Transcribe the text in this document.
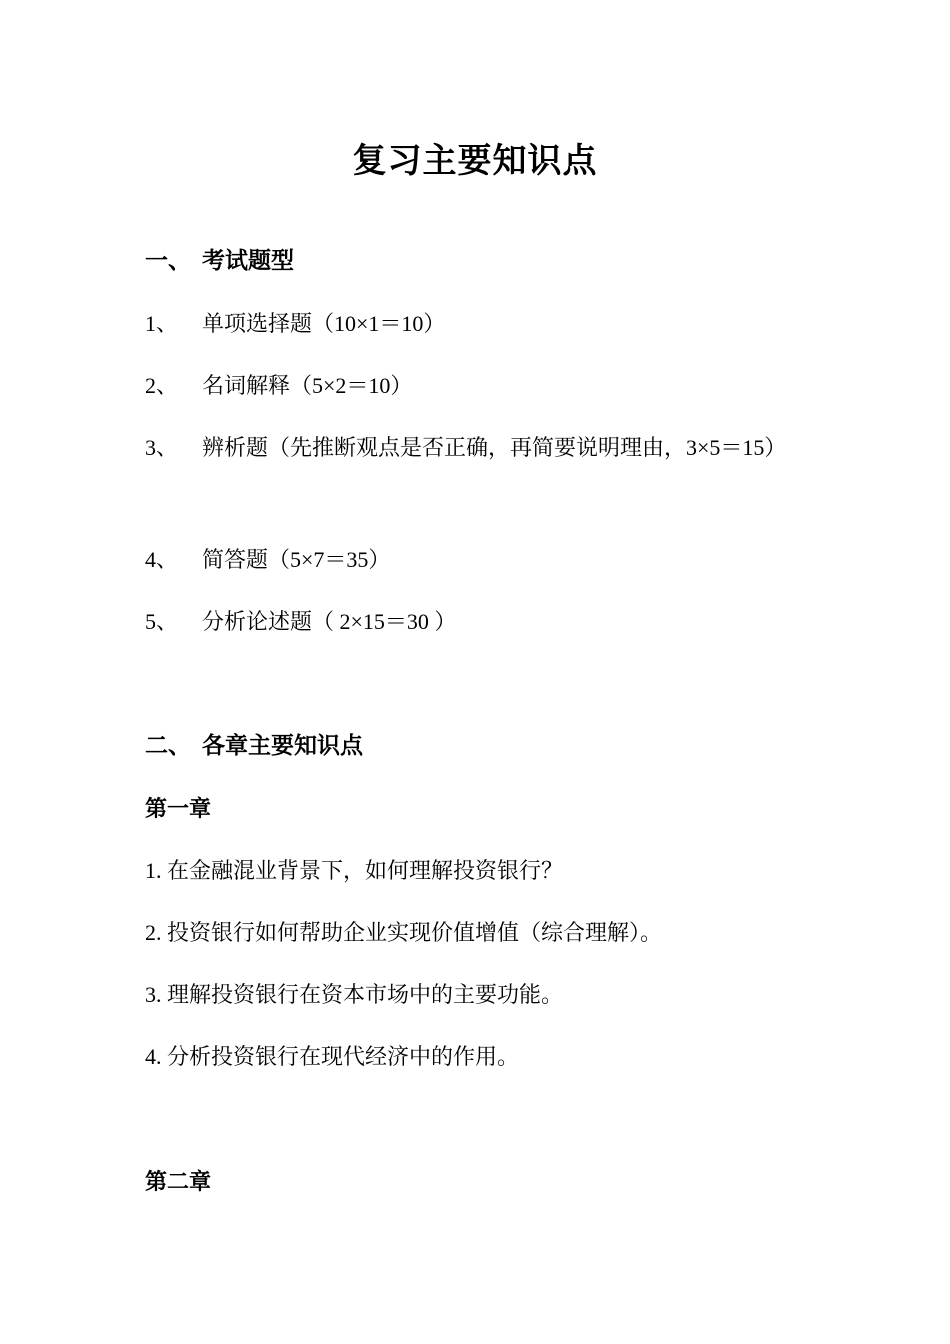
复习主要知识点
一、 考试题型
1、 单项选择题（10×1＝10）
2、 名词解释（5×2＝10）
3、 辨析题（先推断观点是否正确，再简要说明理由，3×5＝15）
4、 简答题（5×7＝35）
5、 分析论述题（ 2×15＝30 ）
二、 各章主要知识点
第一章
1. 在金融混业背景下，如何理解投资银行？
2. 投资银行如何帮助企业实现价值增值（综合理解）。
3. 理解投资银行在资本市场中的主要功能。
4. 分析投资银行在现代经济中的作用。
第二章
